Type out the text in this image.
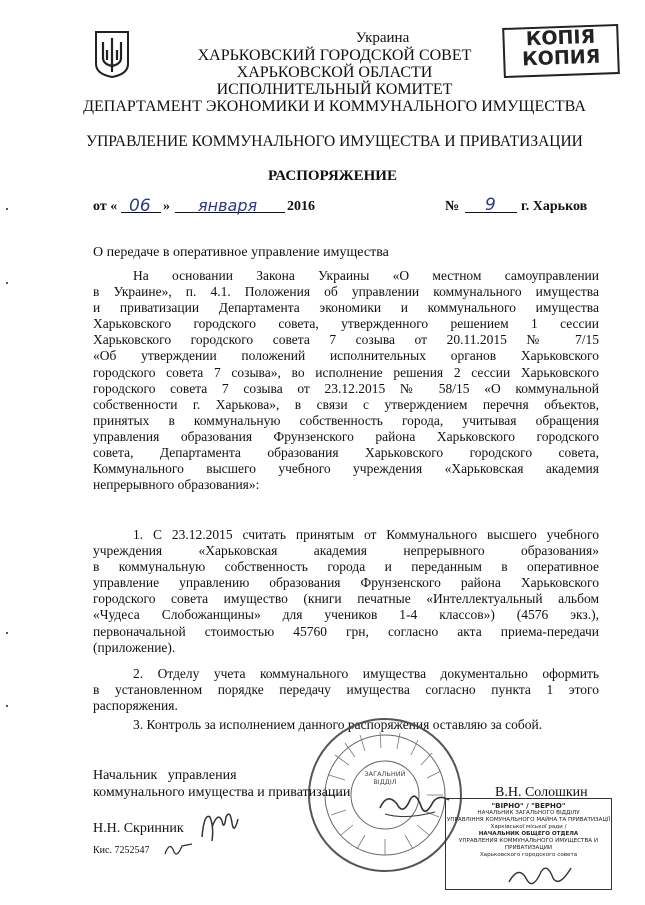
Украина
ХАРЬКОВСКИЙ ГОРОДСКОЙ СОВЕТ
ХАРЬКОВСКОЙ ОБЛАСТИ
ИСПОЛНИТЕЛЬНЫЙ КОМИТЕТ
ДЕПАРТАМЕНТ ЭКОНОМИКИ И КОММУНАЛЬНОГО ИМУЩЕСТВА
УПРАВЛЕНИЕ КОММУНАЛЬНОГО ИМУЩЕСТВА И ПРИВАТИЗАЦИИ
РАСПОРЯЖЕНИЕ
КОПІЯ
КОПИЯ
от « 06 » января 2016	№ 9 г. Харьков
О передаче в оперативное управление имущества
На основании Закона Украины «О местном самоуправлении
в Украине», п. 4.1. Положения об управлении коммунального имущества
и приватизации Департамента экономики и коммунального имущества
Харьковского городского совета, утвержденного решением 1 сессии
Харьковского городского совета 7 созыва от 20.11.2015 № 7/15
«Об утверждении положений исполнительных органов Харьковского
городского совета 7 созыва», во исполнение решения 2 сессии Харьковского
городского совета 7 созыва от 23.12.2015 № 58/15 «О коммунальной
собственности г. Харькова», в связи с утверждением перечня объектов,
принятых в коммунальную собственность города, учитывая обращения
управления образования Фрунзенского района Харьковского городского
совета, Департамента образования Харьковского городского совета,
Коммунального высшего учебного учреждения «Харьковская академия
непрерывного образования»:
1. С 23.12.2015 считать принятым от Коммунального высшего учебного
учреждения «Харьковская академия непрерывного образования»
в коммунальную собственность города и переданным в оперативное
управление управлению образования Фрунзенского района Харьковского
городского совета имущество (книги печатные «Интеллектуальный альбом
«Чудеса Слобожанщины» для учеников 1-4 классов») (4576 экз.),
первоначальной стоимостью 45760 грн, согласно акта приема-передачи
(приложение).
2. Отделу учета коммунального имущества документально оформить
в установленном порядке передачу имущества согласно пункта 1 этого
распоряжения.
3. Контроль за исполнением данного распоряжения оставляю за собой.
ЗАГАЛЬНИЙ ВІДДІЛ
Начальник   управления
коммунального имущества и приватизации	В.Н. Солошкин
Н.Н. Скринник
Кис. 7252547
"ВІРНО" / "ВЕРНО"
НАЧАЛЬНИК ЗАГАЛЬНОГО ВІДДІЛУ
УПРАВЛІННЯ КОМУНАЛЬНОГО МАЙНА ТА ПРИВАТИЗАЦІЇ
Харківської міської ради /
НАЧАЛЬНИК ОБЩЕГО ОТДЕЛА
УПРАВЛЕНИЯ КОММУНАЛЬНОГО ИМУЩЕСТВА И ПРИВАТИЗАЦИИ
Харьковского городского совета
